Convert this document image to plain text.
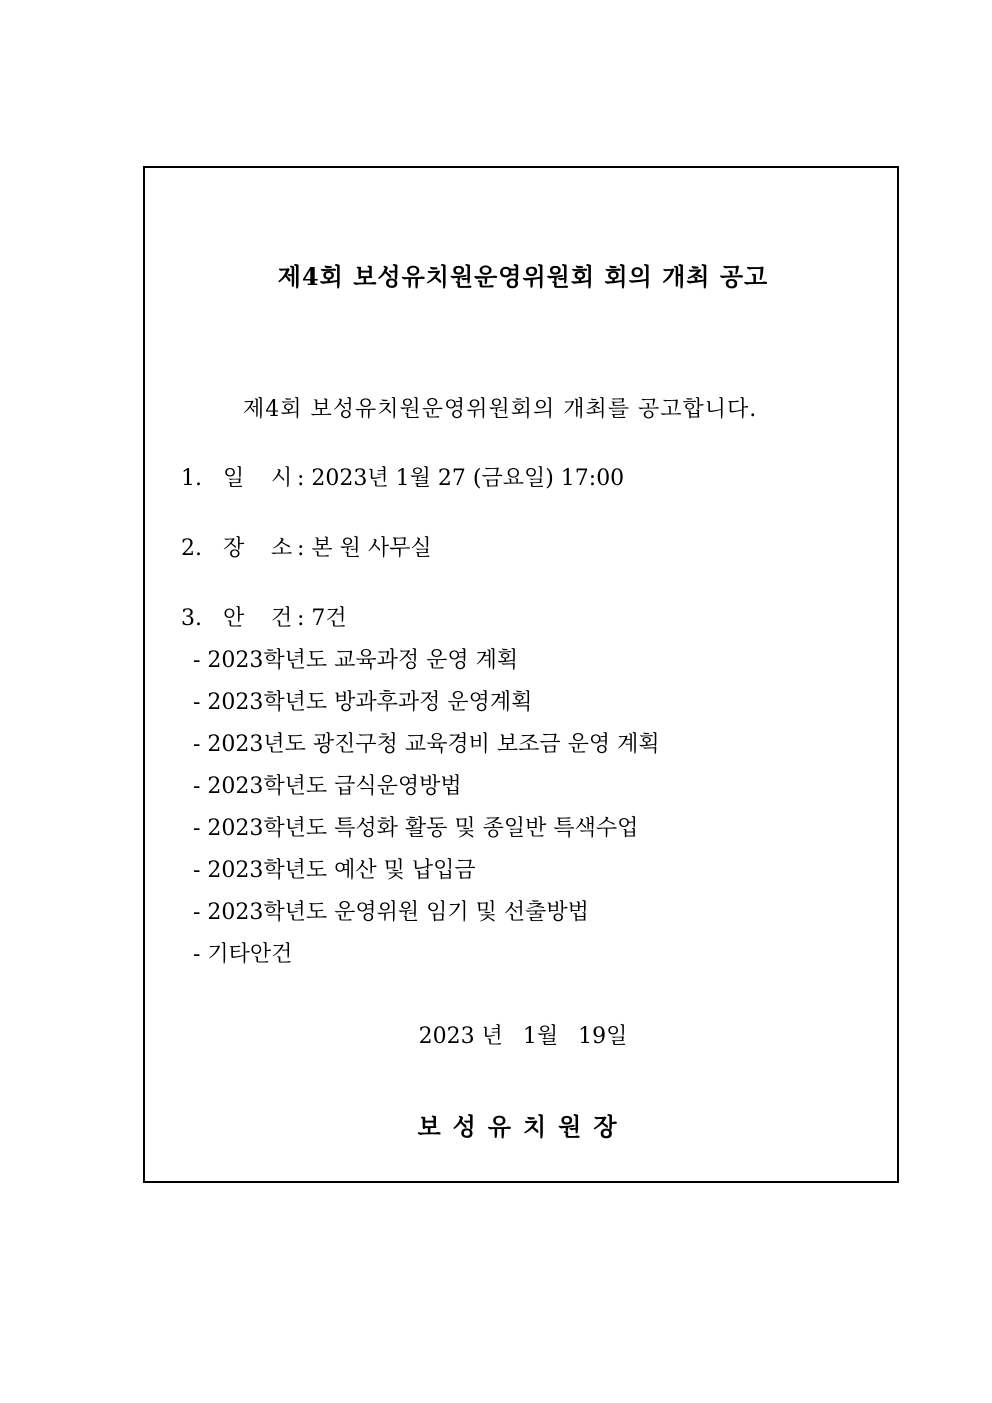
제4회 보성유치원운영위원회 회의 개최 공고
제4회 보성유치원운영위원회의 개최를 공고합니다.
1. 일 시 : 2023년 1월 27 (금요일) 17:00
2. 장 소 : 본 원 사무실
3. 안 건 : 7건
- 2023학년도 교육과정 운영 계획
- 2023학년도 방과후과정 운영계획
- 2023년도 광진구청 교육경비 보조금 운영 계획
- 2023학년도 급식운영방법
- 2023학년도 특성화 활동 및 종일반 특색수업
- 2023학년도 예산 및 납입금
- 2023학년도 운영위원 임기 및 선출방법
- 기타안건
2023 년 1월 19일
보성유치원장
